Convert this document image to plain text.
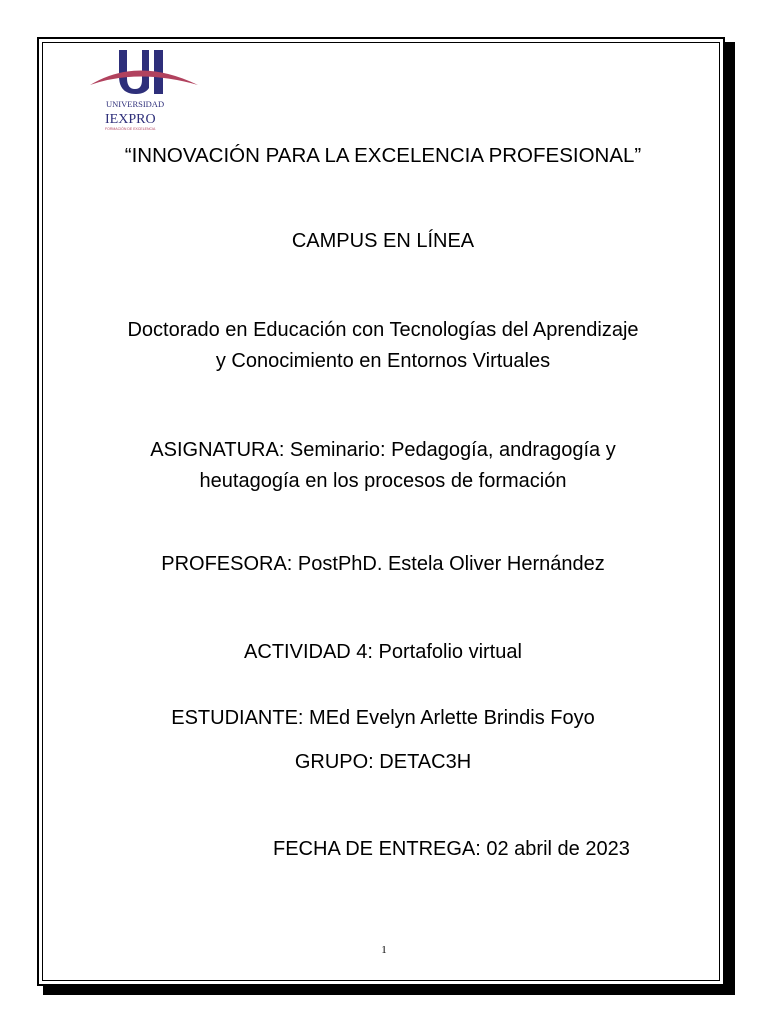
UNIVERSIDAD
IEXPRO
FORMACIÓN DE EXCELENCIA
“INNOVACIÓN PARA LA EXCELENCIA PROFESIONAL”
CAMPUS EN LÍNEA
Doctorado en Educación con Tecnologías del Aprendizaje
y Conocimiento en Entornos Virtuales
ASIGNATURA: Seminario: Pedagogía, andragogía y
heutagogía en los procesos de formación
PROFESORA: PostPhD. Estela Oliver Hernández
ACTIVIDAD 4: Portafolio virtual
ESTUDIANTE: MEd Evelyn Arlette Brindis Foyo
GRUPO: DETAC3H
FECHA DE ENTREGA: 02 abril de 2023
1
